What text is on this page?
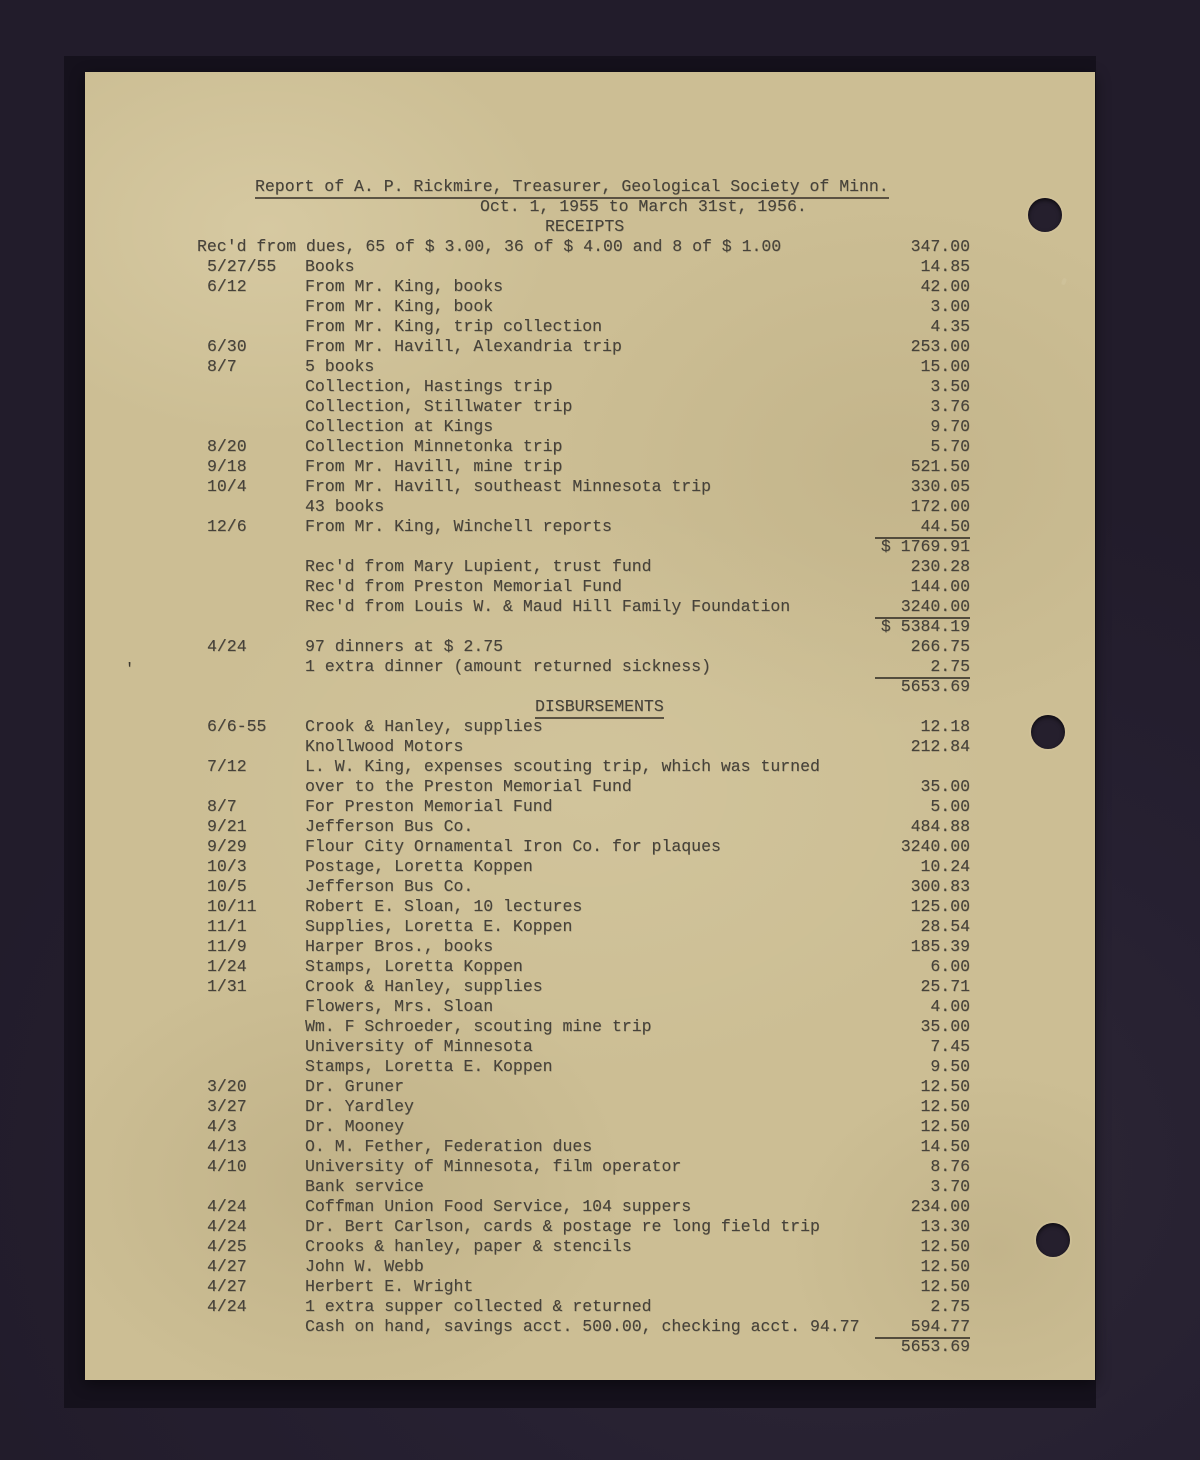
'
Report of A. P. Rickmire, Treasurer, Geological Society of Minn.
Oct. 1, 1955 to March 31st, 1956.
RECEIPTS
Rec'd from dues, 65 of $ 3.00, 36 of $ 4.00 and 8 of $ 1.00	347.00
5/27/55 Books	14.85
6/12	From Mr. King, books	42.00
From Mr. King, book	3.00
From Mr. King, trip collection	4.35
6/30	From Mr. Havill, Alexandria trip	253.00
8/7	5 books	15.00
Collection, Hastings trip	3.50
Collection, Stillwater trip	3.76
Collection at Kings	9.70
8/20	Collection Minnetonka trip	5.70
9/18	From Mr. Havill, mine trip	521.50
10/4	From Mr. Havill, southeast Minnesota trip	330.05
43 books	172.00
12/6	From Mr. King, Winchell reports	44.50
$ 1769.91
Rec'd from Mary Lupient, trust fund	230.28
Rec'd from Preston Memorial Fund	144.00
Rec'd from Louis W. & Maud Hill Family Foundation	3240.00
$ 5384.19
4/24	97 dinners at $ 2.75	266.75
1 extra dinner (amount returned sickness)	2.75
5653.69
DISBURSEMENTS
6/6-55 Crook & Hanley, supplies	12.18
Knollwood Motors	212.84
7/12	L. W. King, expenses scouting trip, which was turned
over to the Preston Memorial Fund	35.00
8/7	For Preston Memorial Fund	5.00
9/21	Jefferson Bus Co.	484.88
9/29	Flour City Ornamental Iron Co. for plaques	3240.00
10/3	Postage, Loretta Koppen	10.24
10/5	Jefferson Bus Co.	300.83
10/11	Robert E. Sloan, 10 lectures	125.00
11/1	Supplies, Loretta E. Koppen	28.54
11/9	Harper Bros., books	185.39
1/24	Stamps, Loretta Koppen	6.00
1/31	Crook & Hanley, supplies	25.71
Flowers, Mrs. Sloan	4.00
Wm. F Schroeder, scouting mine trip	35.00
University of Minnesota	7.45
Stamps, Loretta E. Koppen	9.50
3/20	Dr. Gruner	12.50
3/27	Dr. Yardley	12.50
4/3	Dr. Mooney	12.50
4/13	O. M. Fether, Federation dues	14.50
4/10	University of Minnesota, film operator	8.76
Bank service	3.70
4/24	Coffman Union Food Service, 104 suppers	234.00
4/24	Dr. Bert Carlson, cards & postage re long field trip	13.30
4/25	Crooks & hanley, paper & stencils	12.50
4/27	John W. Webb	12.50
4/27	Herbert E. Wright	12.50
4/24	1 extra supper collected & returned	2.75
Cash on hand, savings acct. 500.00, checking acct. 94.77	594.77
5653.69
